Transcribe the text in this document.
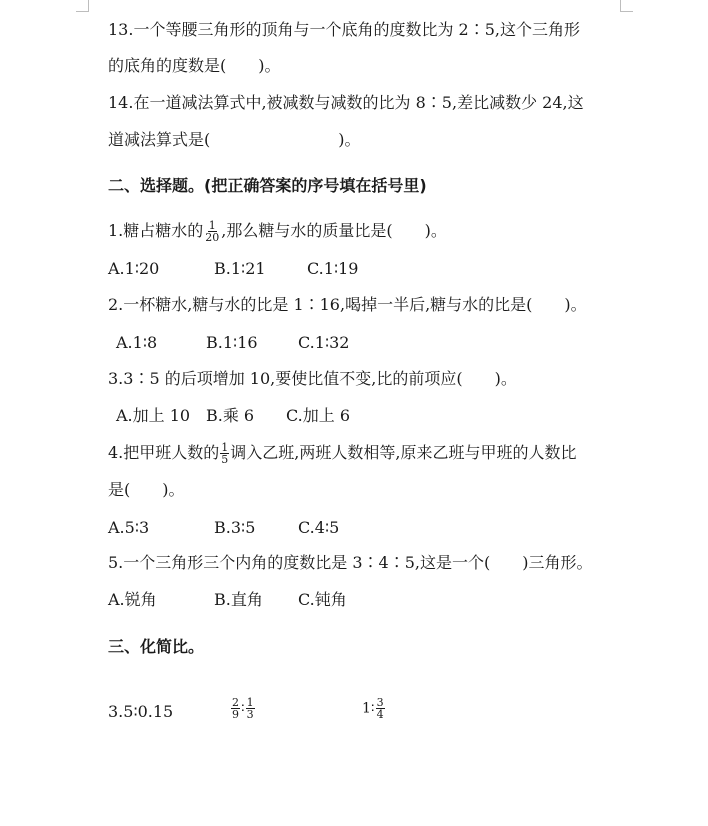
13.一个等腰三角形的顶角与一个底角的度数比为 2∶5,这个三角形
的底角的度数是(　　)。
14.在一道减法算式中,被减数与减数的比为 8∶5,差比减数少 24,这
道减法算式是(　　　　　　　　)。
二、选择题。(把正确答案的序号填在括号里)
1.糖占糖水的 $\frac{1}{20}$ ,那么糖与水的质量比是(　　)。
A.1∶20	B.1∶21	C.1∶19
2.一杯糖水,糖与水的比是 1∶16,喝掉一半后,糖与水的比是(　　)。
A.1∶8	B.1∶16	C.1∶32
3.3∶5 的后项增加 10,要使比值不变,比的前项应(　　)。
A.加上 10 B.乘 6 C.加上 6
4.把甲班人数的 $\frac{1}{5}$ 调入乙班,两班人数相等,原来乙班与甲班的人数比
是(　　)。
A.5∶3	B.3∶5	C.4∶5
5.一个三角形三个内角的度数比是 3∶4∶5,这是一个(　　)三角形。
A.锐角	B.直角 C.钝角
三、化简比。
3.5∶0.15	$\frac{2}{9}$ ∶ $\frac{1}{3}$	1∶ $\frac{3}{4}$
